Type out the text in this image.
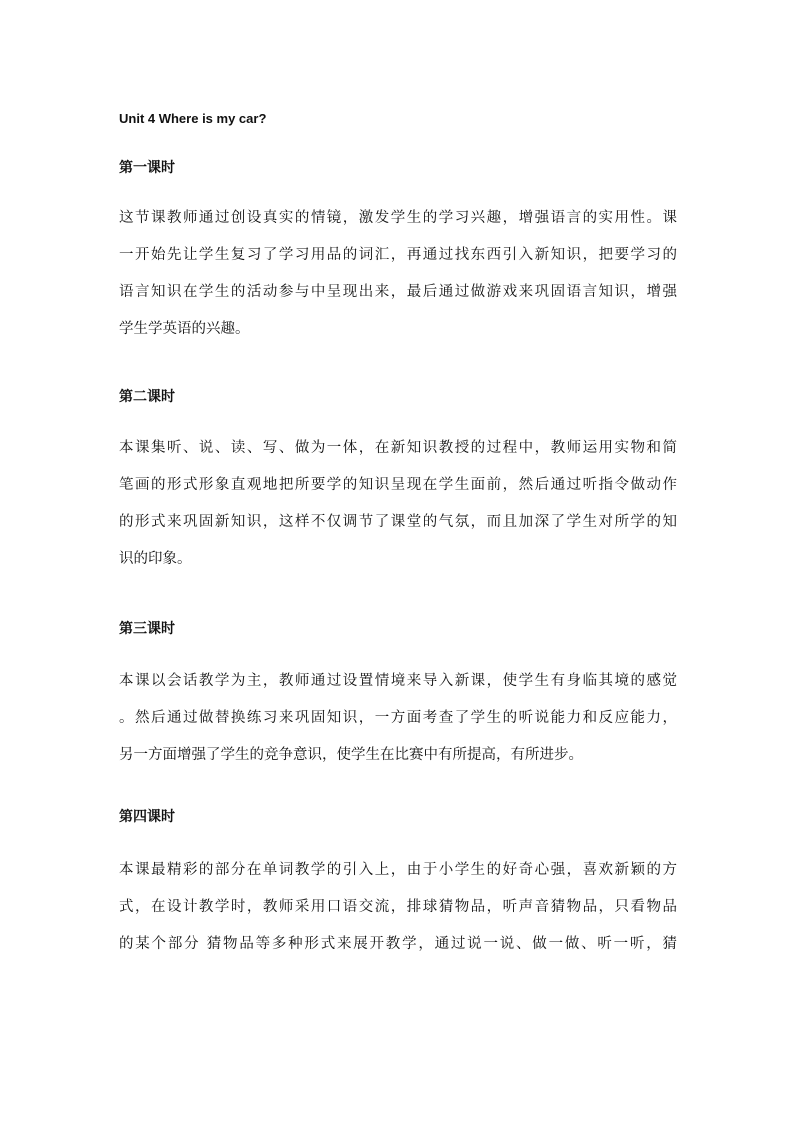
Unit 4 Where is my car?
第一课时
这节课教师通过创设真实的情镜，激发学生的学习兴趣，增强语言的实用性。课
一开始先让学生复习了学习用品的词汇，再通过找东西引入新知识，把要学习的
语言知识在学生的活动参与中呈现出来，最后通过做游戏来巩固语言知识，增强
学生学英语的兴趣。
第二课时
本课集听、说、读、写、做为一体，在新知识教授的过程中，教师运用实物和简
笔画的形式形象直观地把所要学的知识呈现在学生面前，然后通过听指令做动作
的形式来巩固新知识，这样不仅调节了课堂的气氛，而且加深了学生对所学的知
识的印象。
第三课时
本课以会话教学为主，教师通过设置情境来导入新课，使学生有身临其境的感觉
。然后通过做替换练习来巩固知识，一方面考查了学生的听说能力和反应能力，
另一方面增强了学生的竞争意识，使学生在比赛中有所提高，有所进步。
第四课时
本课最精彩的部分在单词教学的引入上，由于小学生的好奇心强，喜欢新颖的方
式，在设计教学时，教师采用口语交流，排球猜物品，听声音猜物品，只看物品
的某个部分 猜物品等多种形式来展开教学，通过说一说、做一做、听一听，猜
